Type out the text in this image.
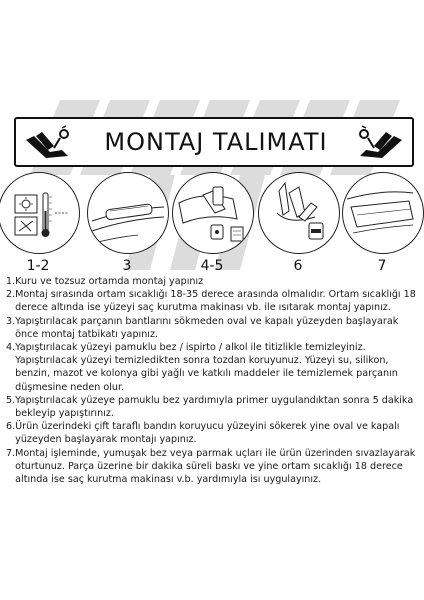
MONTAJ TALIMATI
1-2	3	4-5	6	7
1. Kuru ve tozsuz ortamda montaj yapınız
2. Montaj sırasında ortam sıcaklığı 18-35 derece arasında olmalıdır. Ortam sıcaklığı 18 derece altında ise yüzeyi saç kurutma makinası vb. ile ısıtarak montaj yapınız.
3. Yapıştırılacak parçanın bantlarını sökmeden oval ve kapalı yüzeyden başlayarak önce montaj tatbikatı yapınız.
4. Yapıştırılacak yüzeyi pamuklu bez / ispirto / alkol ile titizlikle temizleyiniz. Yapıştırılacak yüzeyi temizledikten sonra tozdan koruyunuz. Yüzeyi su, silikon, benzin, mazot ve kolonya gibi yağlı ve katkılı maddeler ile temizlemek parçanın düşmesine neden olur.
5. Yapıştırılacak yüzeye pamuklu bez yardımıyla primer uygulandıktan sonra 5 dakika bekleyip yapıştırınız.
6. Ürün üzerindeki çift taraflı bandın koruyucu yüzeyini sökerek yine oval ve kapalı yüzeyden başlayarak montajı yapınız.
7. Montaj işleminde, yumuşak bez veya parmak uçları ile ürün üzerinden sıvazlayarak oturtunuz. Parça üzerine bir dakika süreli baskı ve yine ortam sıcaklığı 18 derece altında ise saç kurutma makinası v.b. yardımıyla isı uygulayınız.
